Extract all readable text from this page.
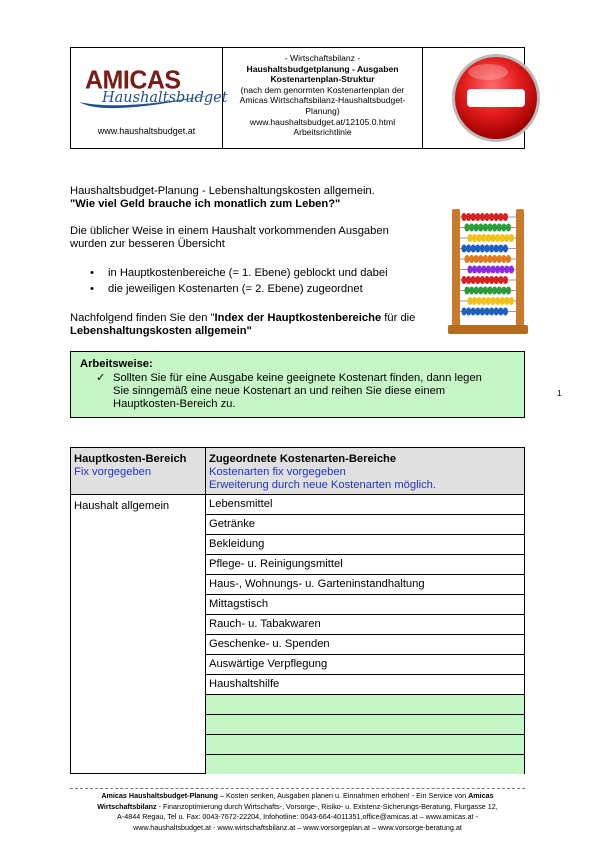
AMICAS
Haushaltsbudget
www.haushaltsbudget.at
- Wirtschaftsbilanz -
Haushaltsbudgetplanung - Ausgaben
Kostenartenplan-Struktur
(nach dem genormten Kostenartenplan der
Amicas Wirtschaftsbilanz-Haushaltsbudget-
Planung)
www.haushaltsbudget.at/12105.0.html
Arbeitsrichtlinie
Haushaltsbudget-Planung - Lebenshaltungskosten allgemein.
"Wie viel Geld brauche ich monatlich zum Leben?"
Die üblicher Weise in einem Haushalt vorkommenden Ausgaben
wurden zur besseren Übersicht
• in Hauptkostenbereiche (= 1. Ebene) geblockt und dabei
• die jeweiligen Kostenarten (= 2. Ebene) zugeordnet
Nachfolgend finden Sie den "Index der Hauptkostenbereiche für die
Lebenshaltungskosten allgemein"
Arbeitsweise:
✓ Sollten Sie für eine Ausgabe keine geeignete Kostenart finden, dann legen
Sie sinngemäß eine neue Kostenart an und reihen Sie diese einem
Hauptkosten-Bereich zu.
1
Hauptkosten-Bereich
Fix vorgegeben
Zugeordnete Kostenarten-Bereiche
Kostenarten fix vorgegeben
Erweiterung durch neue Kostenarten möglich.
Haushalt allgemein	Lebensmittel
Getränke
Bekleidung
Pflege- u. Reinigungsmittel
Haus-, Wohnungs- u. Garteninstandhaltung
Mittagstisch
Rauch- u. Tabakwaren
Geschenke- u. Spenden
Auswärtige Verpflegung
Haushaltshilfe
Amicas Haushaltsbudget-Planung – Kosten senken, Ausgaben planen u. Einnahmen erhöhen! - Ein Service von Amicas
Wirtschaftsbilanz - Finanzoptimierung durch Wirtschafts-, Vorsorge-, Risiko- u. Existenz-Sicherungs-Beratung, Flurgasse 12,
A-4844 Regau, Tel u. Fax: 0043-7672-22204, Infohotline: 0043-664-4011351,office@amicas.at – www.amicas.at -
www.haushaltsbudget.at - www.wirtschaftsbilanz.at – www.vorsorgeplan.at – www.vorsorge-beratung.at
